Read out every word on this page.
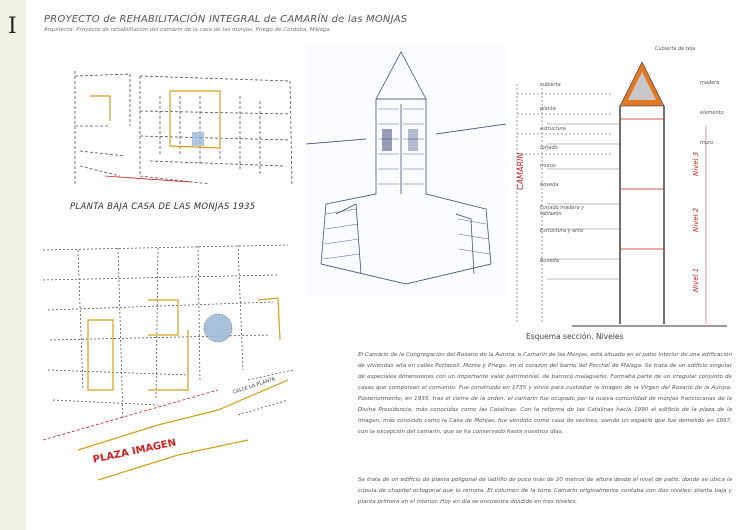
I	PROYECTO de REHABILITACIÓN INTEGRAL de CAMARÍN de las MONJAS
Arquitecta: Proyecto de rehabilitación del camarín de la casa de las monjas, Priego de Córdoba, Málaga
PLANTA BAJA CASA DE LAS MONJAS 1935
CALLE LA PLANTA
PLAZA IMAGEN
CAMARÍN	Nivel 3
Nivel 2
Nivel 1
cubierta
planta
estructura
forjado
muros
bóveda
Forjado madera y tablazón
Estructura y arco
Bóveda
Cubierta de teja
madera
elemento
muro
Esquema sección. Niveles
El Camarín de la Congregación del Rosario de la Aurora, o Camarín de las Monjas, está situado en el patio interior de una edificación de viviendas alta en calles Portaceli, Monte y Priego, en el corazón del barrio del Perchel de Málaga. Se trata de un edificio singular de especiales dimensiones con un importante valor patrimonial, de barroco malagueño. Formaba parte de un irregular conjunto de casas que componían el convento. Fue construido en 1735 y sirvió para custodiar la imagen de la Virgen del Rosario de la Aurora. Posteriormente, en 1935, tras el cierre de la orden, el camarín fue ocupado por la nueva comunidad de monjas franciscanas de la Divina Providencia, más conocidas como las Catalinas. Con la reforma de las Catalinas hacia 1990 el edificio de la plaza de la Imagen, más conocido como la Casa de Monjas, fue vendido como casa de vecinos, siendo un espacio que fue demolido en 1997, con la excepción del camarín, que se ha conservado hasta nuestros días.
Se trata de un edificio de planta poligonal de ladrillo de poco más de 20 metros de altura desde el nivel de patio, donde se ubica la cúpula de chapitel octogonal que lo remata. El volumen de la torre Camarín originalmente contaba con dos niveles: planta baja y planta primera en el interior. Hoy en día se encuentra dividido en tres niveles.
